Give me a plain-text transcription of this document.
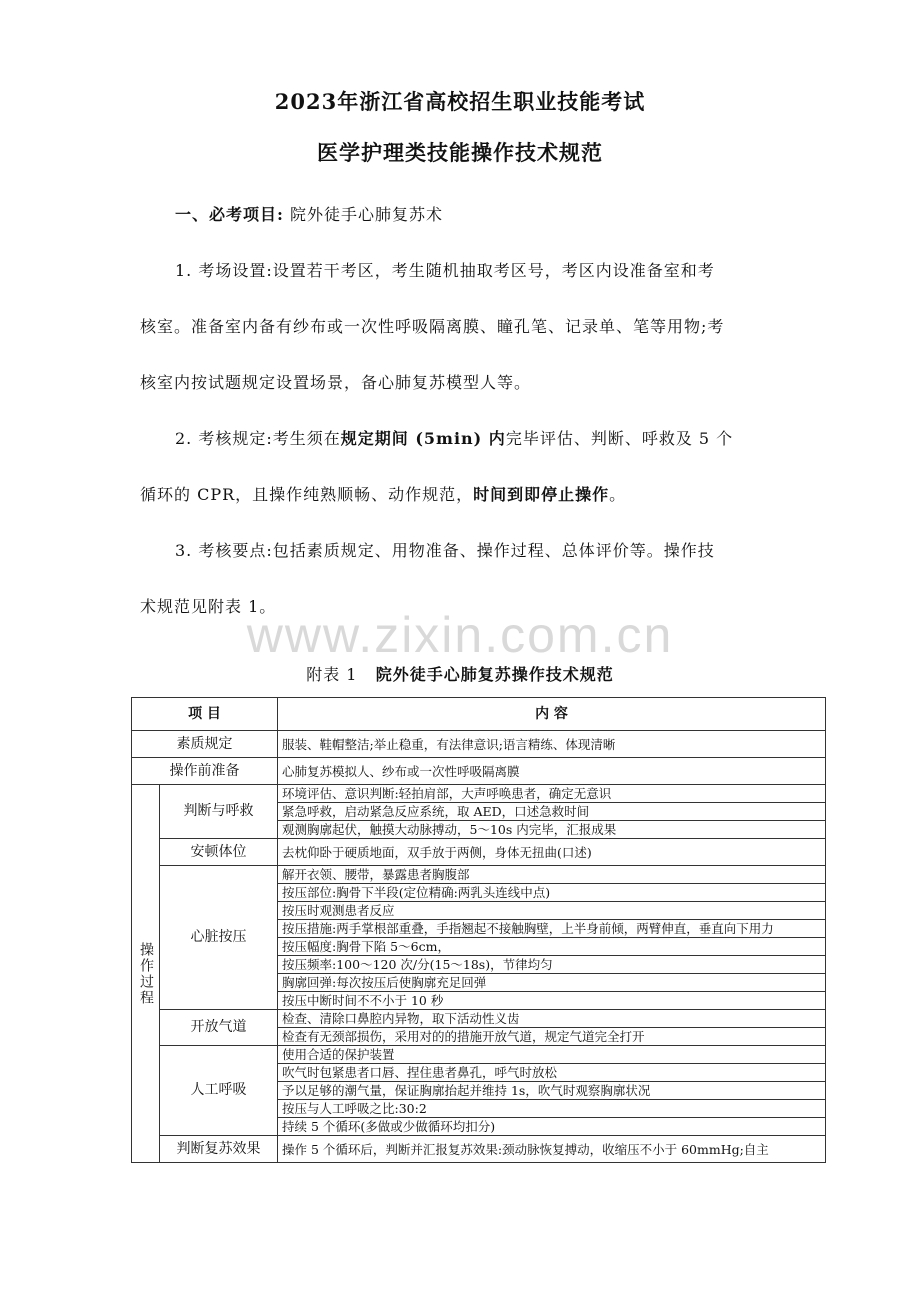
2023年浙江省高校招生职业技能考试
医学护理类技能操作技术规范
一、必考项目: 院外徒手心肺复苏术
1. 考场设置:设置若干考区，考生随机抽取考区号，考区内设准备室和考
核室。准备室内备有纱布或一次性呼吸隔离膜、瞳孔笔、记录单、笔等用物;考
核室内按试题规定设置场景，备心肺复苏模型人等。
2. 考核规定:考生须在规定期间 (5min) 内完毕评估、判断、呼救及 5 个
循环的 CPR，且操作纯熟顺畅、动作规范，时间到即停止操作。
3. 考核要点:包括素质规定、用物准备、操作过程、总体评价等。操作技
术规范见附表 1。
www.zixin.com.cn
附表 1 院外徒手心肺复苏操作技术规范
项 目		内 容
素质规定		服装、鞋帽整洁;举止稳重，有法律意识;语言精练、体现清晰
操作前准备		心肺复苏模拟人、纱布或一次性呼吸隔离膜

操作过程	判断与呼救	环境评估、意识判断:轻拍肩部，大声呼唤患者，确定无意识
		紧急呼救，启动紧急反应系统，取 AED，口述急救时间
		观测胸廓起伏，触摸大动脉搏动，5～10s 内完毕，汇报成果
	安顿体位	去枕仰卧于硬质地面，双手放于两侧，身体无扭曲(口述)
	心脏按压	解开衣领、腰带，暴露患者胸腹部
		按压部位:胸骨下半段(定位精确:两乳头连线中点)
		按压时观测患者反应
		按压措施:两手掌根部重叠，手指翘起不接触胸壁，上半身前倾，两臂伸直，垂直向下用力
		按压幅度:胸骨下陷 5～6cm，
		按压频率:100～120 次/分(15～18s)，节律均匀
		胸廓回弹:每次按压后使胸廓充足回弹
		按压中断时间不不小于 10 秒
	开放气道	检查、清除口鼻腔内异物，取下活动性义齿
		检查有无颈部损伤，采用对的的措施开放气道，规定气道完全打开
	人工呼吸	使用合适的保护装置
		吹气时包紧患者口唇、捏住患者鼻孔，呼气时放松
		予以足够的潮气量，保证胸廓抬起并维持 1s，吹气时观察胸廓状况
		按压与人工呼吸之比:30:2
		持续 5 个循环(多做或少做循环均扣分)
	判断复苏效果	操作 5 个循环后，判断并汇报复苏效果:颈动脉恢复搏动，收缩压不小于 60mmHg;自主
